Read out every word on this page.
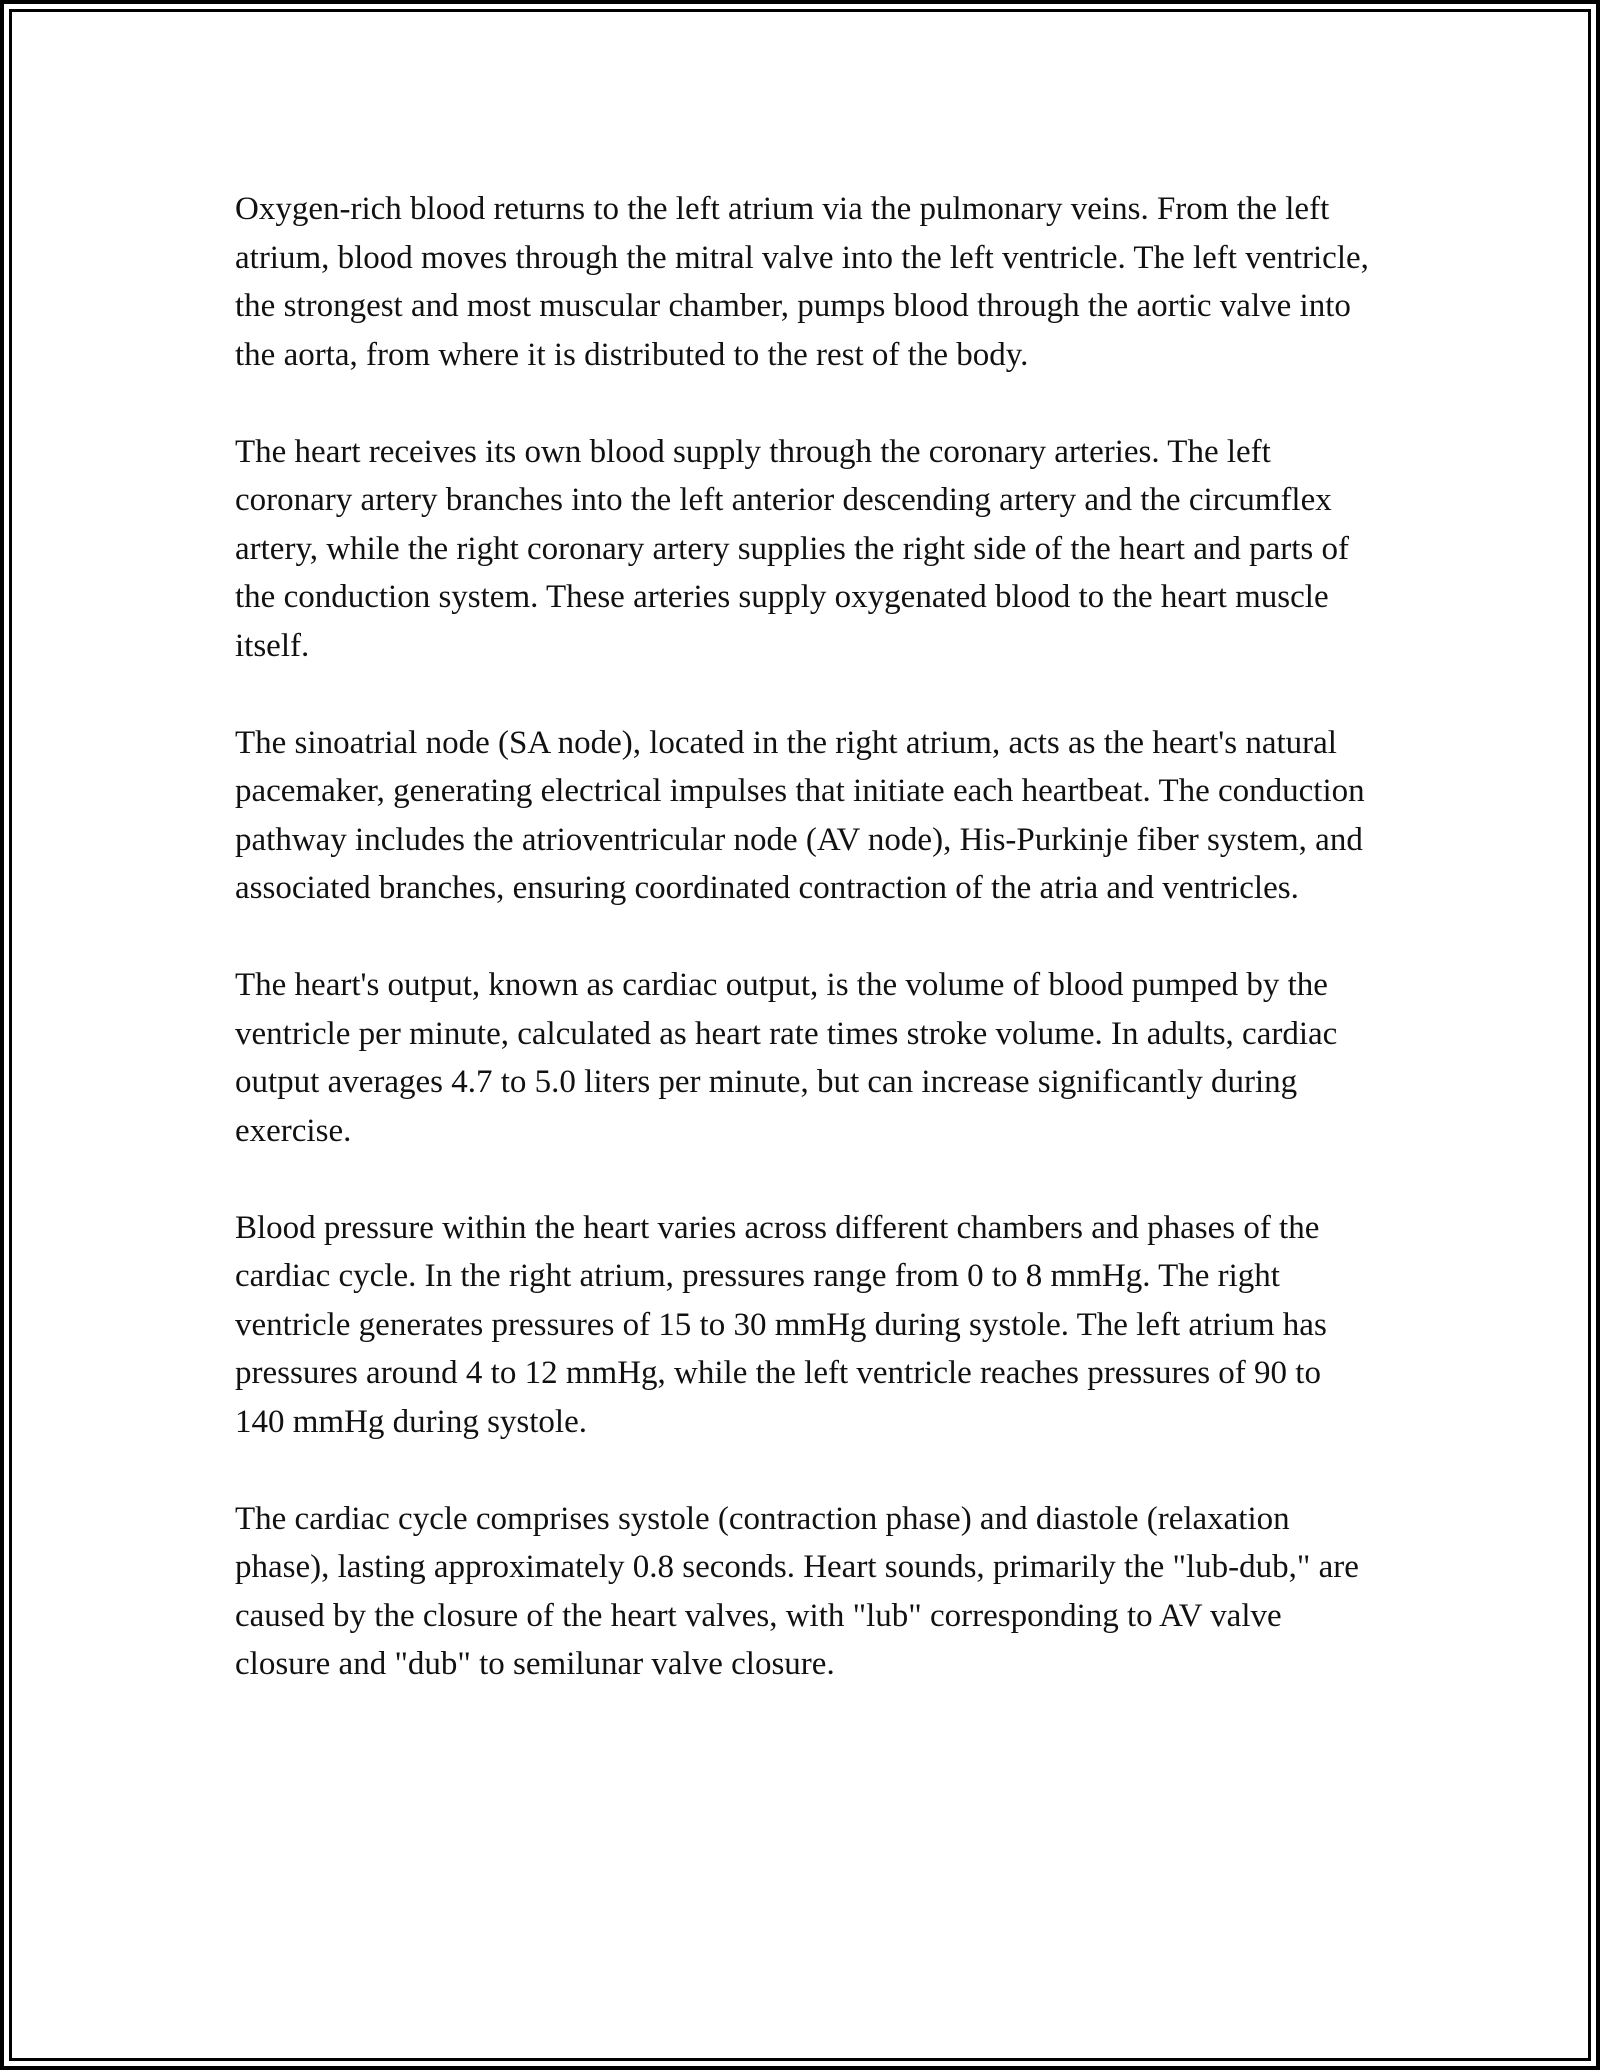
Oxygen-rich blood returns to the left atrium via the pulmonary veins. From the left atrium, blood moves through the mitral valve into the left ventricle. The left ventricle, the strongest and most muscular chamber, pumps blood through the aortic valve into the aorta, from where it is distributed to the rest of the body.

The heart receives its own blood supply through the coronary arteries. The left coronary artery branches into the left anterior descending artery and the circumflex artery, while the right coronary artery supplies the right side of the heart and parts of the conduction system. These arteries supply oxygenated blood to the heart muscle itself.

The sinoatrial node (SA node), located in the right atrium, acts as the heart's natural pacemaker, generating electrical impulses that initiate each heartbeat. The conduction pathway includes the atrioventricular node (AV node), His-Purkinje fiber system, and associated branches, ensuring coordinated contraction of the atria and ventricles.

The heart's output, known as cardiac output, is the volume of blood pumped by the ventricle per minute, calculated as heart rate times stroke volume. In adults, cardiac output averages 4.7 to 5.0 liters per minute, but can increase significantly during exercise.

Blood pressure within the heart varies across different chambers and phases of the cardiac cycle. In the right atrium, pressures range from 0 to 8 mmHg. The right ventricle generates pressures of 15 to 30 mmHg during systole. The left atrium has pressures around 4 to 12 mmHg, while the left ventricle reaches pressures of 90 to 140 mmHg during systole.

The cardiac cycle comprises systole (contraction phase) and diastole (relaxation phase), lasting approximately 0.8 seconds. Heart sounds, primarily the "lub-dub," are caused by the closure of the heart valves, with "lub" corresponding to AV valve closure and "dub" to semilunar valve closure.
